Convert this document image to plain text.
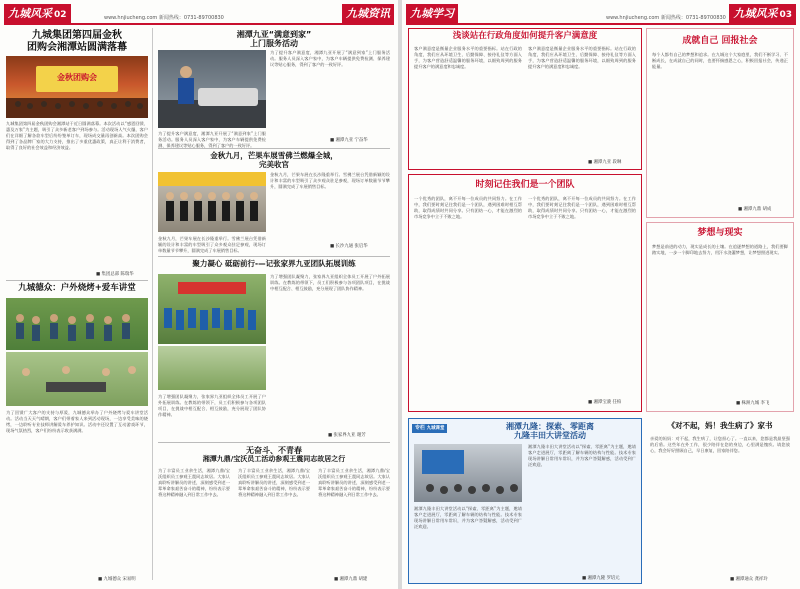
九城风采 02	www.hnjiucheng.com 新闻热线：0731-89700830	九城资讯
九城集团第四届金秋
团购会湘潭站圆满落幕
金秋团购会
九城集团第四届金秋团购会湘潭站于近日圆满落幕。本次活动以“感恩回馈、惠及万家”为主题，吸引了众多新老客户到场参与。活动现场人气火爆，客户们在详细了解各款车型后纷纷签单订车，现场成交量再创新高。本次团购会得到了各品牌厂家的大力支持，推出了多重优惠政策，真正让利于消费者，取得了良好的社会效益和经济效益。
■ 集团总部 陈瑞华
九城德众：户外烧烤+爱车讲堂
为了回馈广大客户的支持与厚爱，九城德众举办了户外烧烤与爱车讲堂活动。活动当天天气晴朗，客户们带着家人来到活动现场，一边享受美味的烧烤，一边聆听专业技师讲解爱车养护知识。活动中还设置了互动游戏环节，现场气氛热烈，客户们纷纷表示收获满满。
■ 九城德众 宋易明
湘潭九亚“满意到家”
上门服务活动
为了提升客户满意度，湘潭九亚开展了“满意到家”上门服务活动。服务人员深入客户家中，为客户车辆提供免费检测、保养建议等贴心服务，得到了客户的一致好评。
为了提升客户满意度，湘潭九亚开展了“满意到家”上门服务活动。服务人员深入客户家中，为客户车辆提供免费检测、保养建议等贴心服务，得到了客户的一致好评。
■ 湘潭九亚 宁奋华
金秋九月，芒果车展雪佛兰燃爆全城，
完美收官
金秋九月，芒果车展在长沙隆重举行。雪佛兰展台凭借新颖的设计和丰富的车型吸引了众多观众驻足参观，现场订单数量节节攀升，圆满完成了车展销售目标。
金秋九月，芒果车展在长沙隆重举行。雪佛兰展台凭借新颖的设计和丰富的车型吸引了众多观众驻足参观，现场订单数量节节攀升，圆满完成了车展销售目标。
■ 长沙九通 张启华
聚力凝心 砥砺前行-—记张家界九亚团队拓展训练
为了增强团队凝聚力，张家界九亚组织全体员工开展了户外拓展训练。在教练的带领下，员工们积极参与各项团队项目，在挑战中相互配合、相互鼓励，充分展现了团队协作精神。
为了增强团队凝聚力，张家界九亚组织全体员工开展了户外拓展训练。在教练的带领下，员工们积极参与各项团队项目，在挑战中相互配合、相互鼓励，充分展现了团队协作精神。
■ 张家界九亚 谢芳
无奋斗、不青春
湘潭九鼎/宝沃员工活动参观王震同志故居之行
为了丰富员工业余生活，湘潭九鼎/宝沃组织员工参观王震同志故居。大家认真聆听讲解员的讲述，深刻感受到老一辈革命家艰苦奋斗的精神，纷纷表示要将这种精神融入到日常工作中去。
为了丰富员工业余生活，湘潭九鼎/宝沃组织员工参观王震同志故居。大家认真聆听讲解员的讲述，深刻感受到老一辈革命家艰苦奋斗的精神，纷纷表示要将这种精神融入到日常工作中去。
为了丰富员工业余生活，湘潭九鼎/宝沃组织员工参观王震同志故居。大家认真聆听讲解员的讲述，深刻感受到老一辈革命家艰苦奋斗的精神，纷纷表示要将这种精神融入到日常工作中去。
■ 湘潭九鼎 胡建
九城学习	www.hnjiucheng.com 新闻热线：0731-89700830 九城风采 03
浅谈站在行政角度如何提升客户满意度
客户满意度是衡量企业服务水平的重要指标。站在行政的角度，我们应从环境卫生、后勤保障、接待礼仪等方面入手，为客户营造舒适温馨的服务环境，以细致周到的服务提升客户的满意度和忠诚度。
客户满意度是衡量企业服务水平的重要指标。站在行政的角度，我们应从环境卫生、后勤保障、接待礼仪等方面入手，为客户营造舒适温馨的服务环境，以细致周到的服务提升客户的满意度和忠诚度。
■ 湘潭九亚 段琳
时刻记住我们是一个团队
一个优秀的团队，离不开每一位成员的共同努力。在工作中，我们要时刻记住我们是一个团队，遇到困难时相互帮助，取得成绩时共同分享。只有团结一心，才能在激烈的市场竞争中立于不败之地。
一个优秀的团队，离不开每一位成员的共同努力。在工作中，我们要时刻记住我们是一个团队，遇到困难时相互帮助，取得成绩时共同分享。只有团结一心，才能在激烈的市场竞争中立于不败之地。
■ 湘潭宝骏 任柏
成就自己 回报社会
每个人都有自己的梦想和追求。在九城这个大家庭里，我们不断学习、不断成长，在成就自己的同时，也要怀揣感恩之心，积极回报社会，传递正能量。
■ 湘潭九鼎 胡成
梦想与现实
梦想是前进的动力，现实是成长的土壤。在追逐梦想的道路上，我们要脚踏实地，一步一个脚印地去努力，用汗水浇灌梦想，让梦想照进现实。
■ 株洲九城 李飞
专栏 九城课堂	湘潭九隆：探索、零距离
九隆丰田大讲堂活动
湘潭九隆丰田大讲堂活动以“探索、零距离”为主题，邀请客户走进展厅，零距离了解车辆的结构与性能。技术专家现场讲解日常用车常识，并为客户答疑解惑，活动受到广泛欢迎。
湘潭九隆丰田大讲堂活动以“探索、零距离”为主题，邀请客户走进展厅，零距离了解车辆的结构与性能。技术专家现场讲解日常用车常识，并为客户答疑解惑，活动受到广泛欢迎。
■ 湘潭九隆 罗培元
《对不起，妈！我生病了》家书
亲爱的妈妈：对不起，我生病了，让您担心了。一直以来，您都是我最坚强的后盾。这些年在外工作，很少陪伴在您的身边，心里满是愧疚。请您放心，我会好好照顾自己，早日康复，回家陪伴您。
■ 湘潭通众 龚祥玲
